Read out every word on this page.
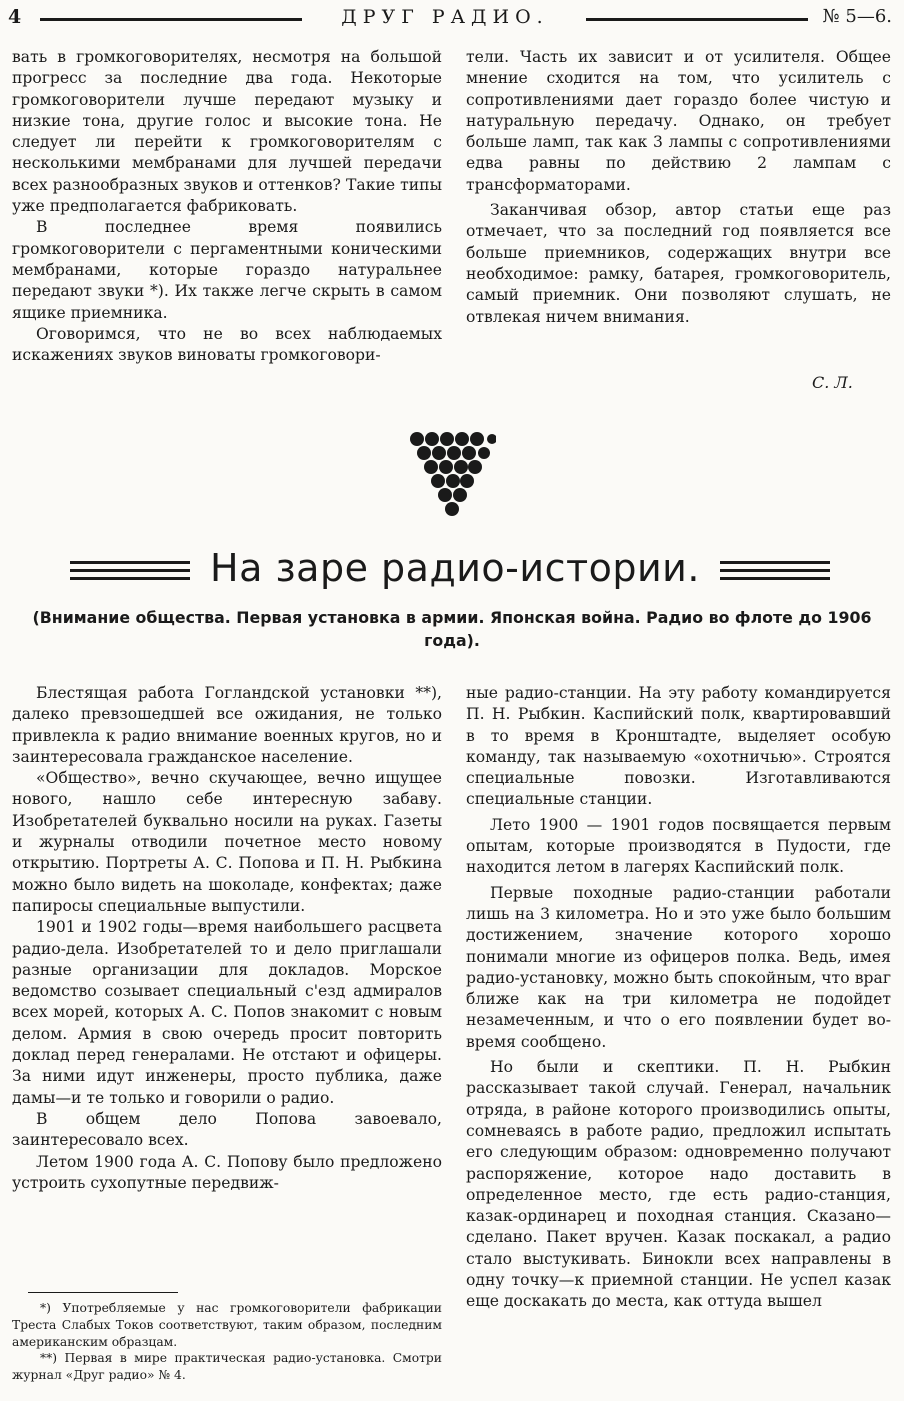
4	ДРУГ РАДИО.	№ 5—6.

вать в громкоговорителях, несмотря на большой прогресс за последние два года. Некоторые громкоговорители лучше передают музыку и низкие тона, другие голос и высокие тона. Не следует ли перейти к громкоговорителям с несколькими мембранами для лучшей передачи всех разнообразных звуков и оттенков? Такие типы уже предполагается фабриковать.

В последнее время появились громкоговорители с пергаментными коническими мембранами, которые гораздо натуральнее передают звуки *). Их также легче скрыть в самом ящике приемника.

Оговоримся, что не во всех наблюдаемых искажениях звуков виноваты громкоговори-

тели. Часть их зависит и от усилителя. Общее мнение сходится на том, что усилитель с сопротивлениями дает гораздо более чистую и натуральную передачу. Однако, он требует больше ламп, так как 3 лампы с сопротивлениями едва равны по действию 2 лампам с трансформаторами.

Заканчивая обзор, автор статьи еще раз отмечает, что за последний год появляется все больше приемников, содержащих внутри все необходимое: рамку, батарея, громкоговоритель, самый приемник. Они позволяют слушать, не отвлекая ничем внимания.

С. Л.
На заре радио-истории.
(Внимание общества. Первая установка в армии. Японская война. Радио во флоте до 1906 года).

Блестящая работа Гогландской установки **), далеко превзошедшей все ожидания, не только привлекла к радио внимание военных кругов, но и заинтересовала гражданское население.

«Общество», вечно скучающее, вечно ищущее нового, нашло себе интересную забаву. Изобретателей буквально носили на руках. Газеты и журналы отводили почетное место новому открытию. Портреты А. С. Попова и П. Н. Рыбкина можно было видеть на шоколаде, конфектах; даже папиросы специальные выпустили.

1901 и 1902 годы—время наибольшего расцвета радио-дела. Изобретателей то и дело приглашали разные организации для докладов. Морское ведомство созывает специальный с'езд адмиралов всех морей, которых А. С. Попов знакомит с новым делом. Армия в свою очередь просит повторить доклад перед генералами. Не отстают и офицеры. За ними идут инженеры, просто публика, даже дамы—и те только и говорили о радио.

В общем дело Попова завоевало, заинтересовало всех.

Летом 1900 года А. С. Попову было предложено устроить сухопутные передвиж-

ные радио-станции. На эту работу командируется П. Н. Рыбкин. Каспийский полк, квартировавший в то время в Кронштадте, выделяет особую команду, так называемую «охотничью». Строятся специальные повозки. Изготавливаются специальные станции.

Лето 1900 — 1901 годов посвящается первым опытам, которые производятся в Пудости, где находится летом в лагерях Каспийский полк.

Первые походные радио-станции работали лишь на 3 километра. Но и это уже было большим достижением, значение которого хорошо понимали многие из офицеров полка. Ведь, имея радио-установку, можно быть спокойным, что враг ближе как на три километра не подойдет незамеченным, и что о его появлении будет во-время сообщено.

Но были и скептики. П. Н. Рыбкин рассказывает такой случай. Генерал, начальник отряда, в районе которого производились опыты, сомневаясь в работе радио, предложил испытать его следующим образом: одновременно получают распоряжение, которое надо доставить в определенное место, где есть радио-станция, казак-ординарец и походная станция. Сказано—сделано. Пакет вручен. Казак поскакал, а радио стало выстукивать. Бинокли всех направлены в одну точку—к приемной станции. Не успел казак еще доскакать до места, как оттуда вышел

*) Употребляемые у нас громкоговорители фабрикации Треста Слабых Токов соответствуют, таким образом, последним американским образцам.

**) Первая в мире практическая радио-установка. Смотри журнал «Друг радио» № 4.
